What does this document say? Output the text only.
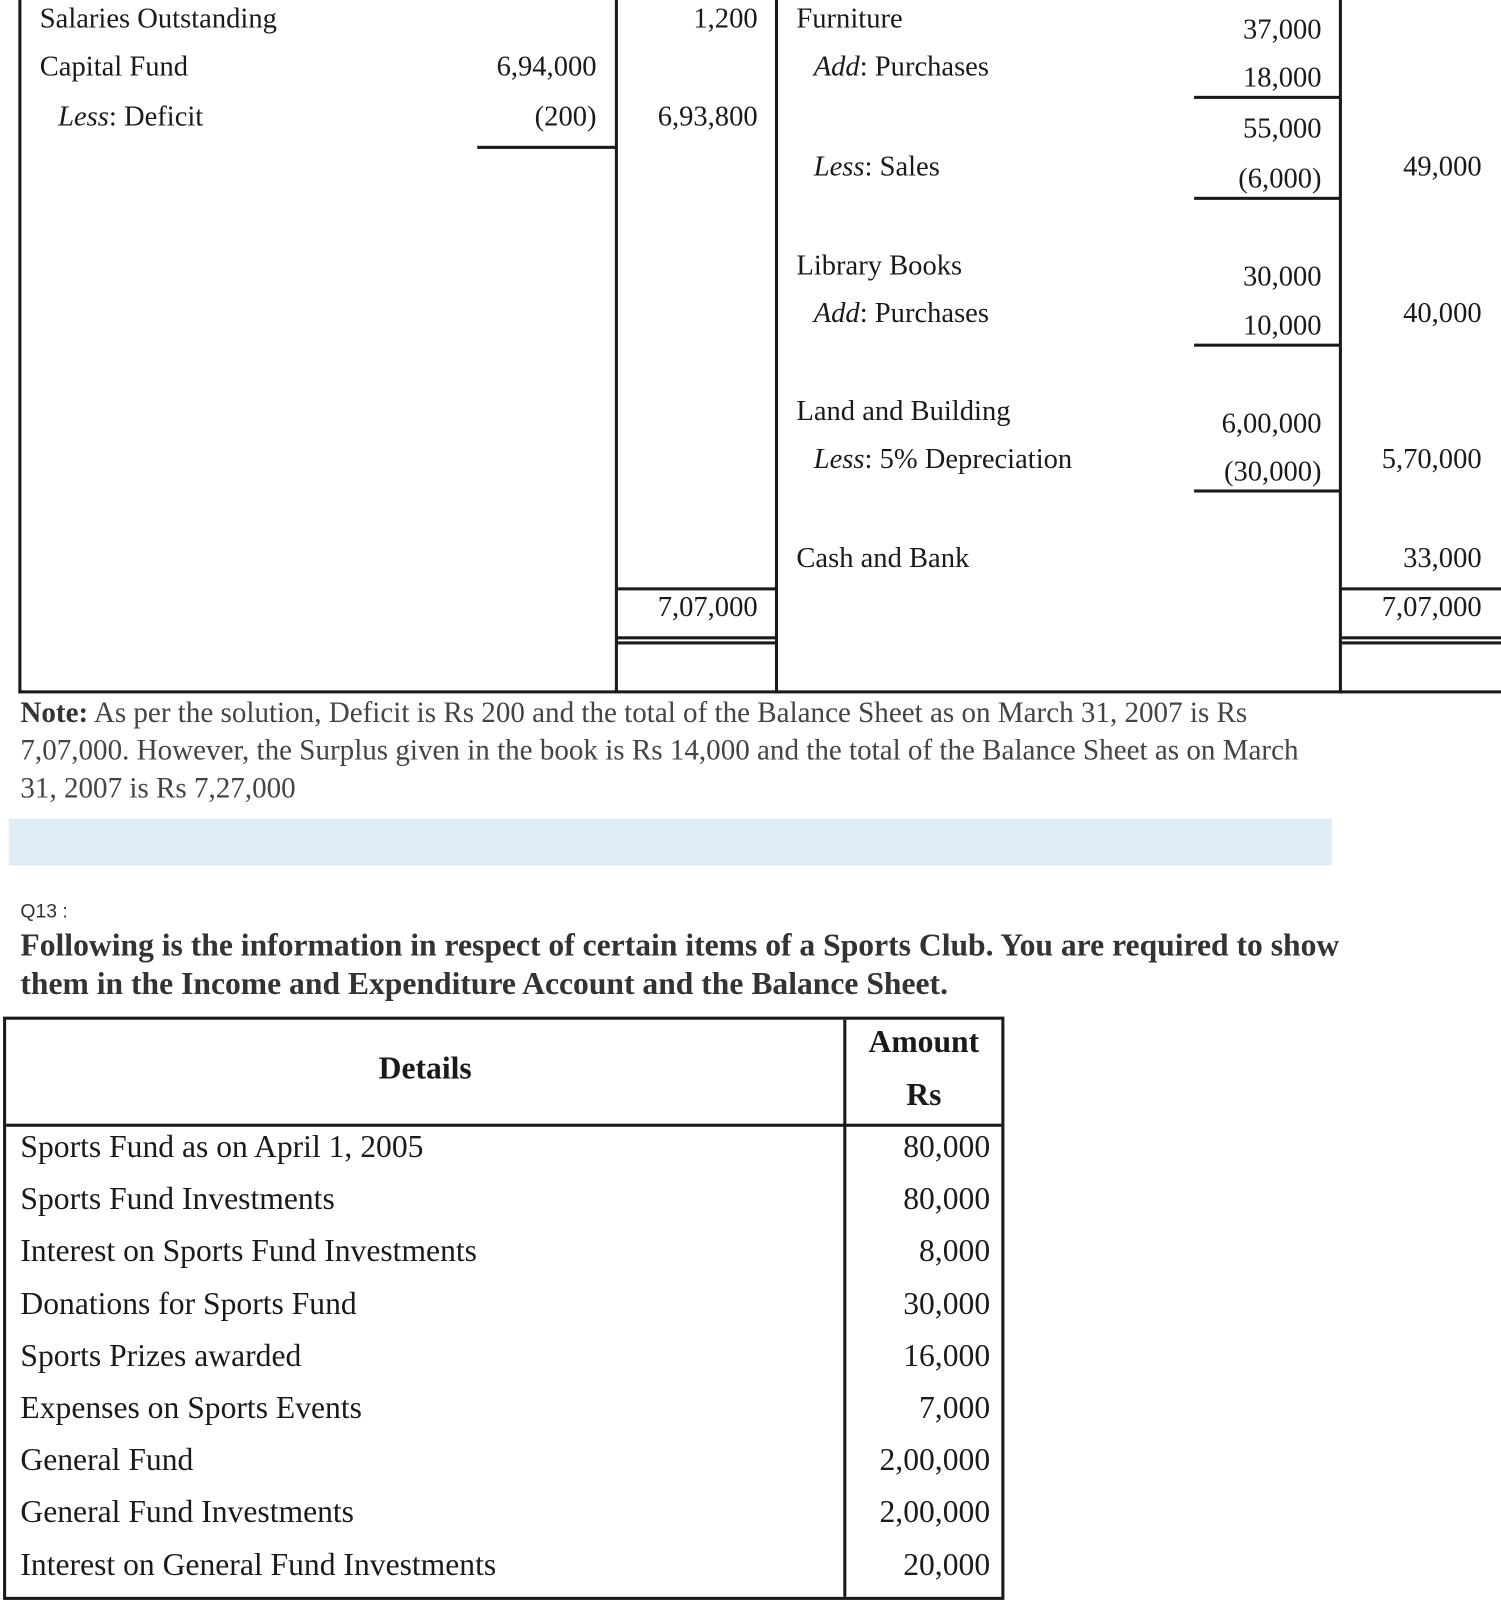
Salaries Outstanding	1,200
Capital Fund	6,94,000
Less: Deficit	(200) 6,93,800
7,07,000
Furniture	37,000
Add: Purchases	18,000
55,000
Less: Sales	(6,000)	49,000
Library Books	30,000
Add: Purchases	10,000	40,000
Land and Building	6,00,000
Less: 5% Depreciation	(30,000) 5,70,000
Cash and Bank	33,000
7,07,000
Note: As per the solution, Deficit is Rs 200 and the total of the Balance Sheet as on March 31, 2007 is Rs 7,07,000. However, the Surplus given in the book is Rs 14,000 and the total of the Balance Sheet as on March 31, 2007 is Rs 7,27,000
Q13 :
Following is the information in respect of certain items of a Sports Club. You are required to show them in the Income and Expenditure Account and the Balance Sheet.
Details
Amount
Rs
Sports Fund as on April 1, 2005	80,000
Sports Fund Investments	80,000
Interest on Sports Fund Investments	8,000
Donations for Sports Fund	30,000
Sports Prizes awarded	16,000
Expenses on Sports Events	7,000
General Fund	2,00,000
General Fund Investments	2,00,000
Interest on General Fund Investments	20,000
